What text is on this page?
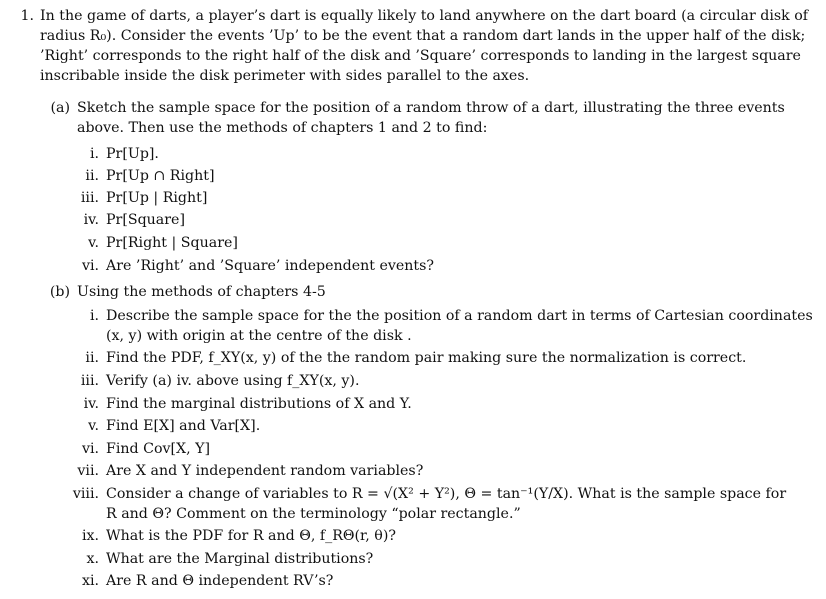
1. In the game of darts, a player’s dart is equally likely to land anywhere on the dart board (a circular disk of
radius R₀). Consider the events ’Up’ to be the event that a random dart lands in the upper half of the disk;
’Right’ corresponds to the right half of the disk and ’Square’ corresponds to landing in the largest square
inscribable inside the disk perimeter with sides parallel to the axes.
(a) Sketch the sample space for the position of a random throw of a dart, illustrating the three events
above. Then use the methods of chapters 1 and 2 to find:
i. Pr[Up].
ii. Pr[Up ∩ Right]
iii. Pr[Up | Right]
iv. Pr[Square]
v. Pr[Right | Square]
vi. Are ’Right’ and ’Square’ independent events?
(b) Using the methods of chapters 4-5
i. Describe the sample space for the the position of a random dart in terms of Cartesian coordinates
(x, y) with origin at the centre of the disk .
ii. Find the PDF, f_XY(x, y) of the the random pair making sure the normalization is correct.
iii. Verify (a) iv. above using f_XY(x, y).
iv. Find the marginal distributions of X and Y.
v. Find E[X] and Var[X].
vi. Find Cov[X, Y]
vii. Are X and Y independent random variables?
viii. Consider a change of variables to R = √(X² + Y²), Θ = tan⁻¹(Y/X). What is the sample space for
R and Θ? Comment on the terminology “polar rectangle.”
ix. What is the PDF for R and Θ, f_RΘ(r, θ)?
x. What are the Marginal distributions?
xi. Are R and Θ independent RV’s?
